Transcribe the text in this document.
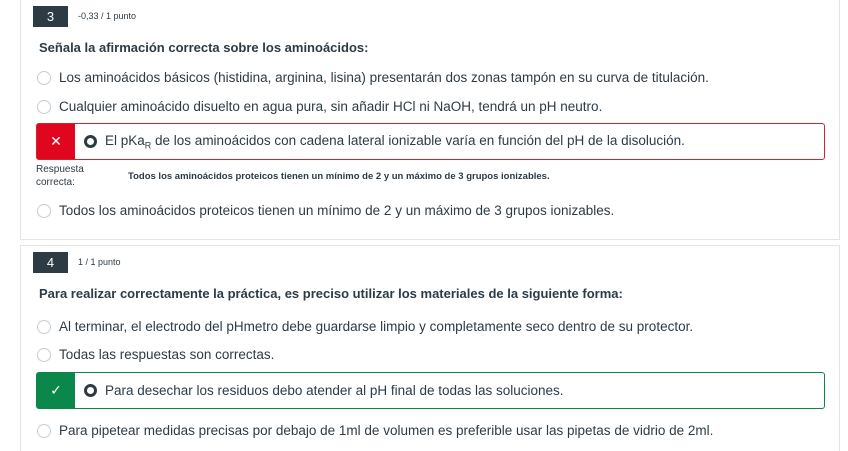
3	-0,33 / 1 punto
Señala la afirmación correcta sobre los aminoácidos:
Los aminoácidos básicos (histidina, arginina, lisina) presentarán dos zonas tampón en su curva de titulación.
Cualquier aminoácido disuelto en agua pura, sin añadir HCl ni NaOH, tendrá un pH neutro.
✕	El pKa$_R$ de los aminoácidos con cadena lateral ionizable varía en función del pH de la disolución.
Respuesta correcta:
Todos los aminoácidos proteicos tienen un mínimo de 2 y un máximo de 3 grupos ionizables.
Todos los aminoácidos proteicos tienen un mínimo de 2 y un máximo de 3 grupos ionizables.
4	1 / 1 punto
Para realizar correctamente la práctica, es preciso utilizar los materiales de la siguiente forma:
Al terminar, el electrodo del pHmetro debe guardarse limpio y completamente seco dentro de su protector.
Todas las respuestas son correctas.
✓	Para desechar los residuos debo atender al pH final de todas las soluciones.
Para pipetear medidas precisas por debajo de 1ml de volumen es preferible usar las pipetas de vidrio de 2ml.
